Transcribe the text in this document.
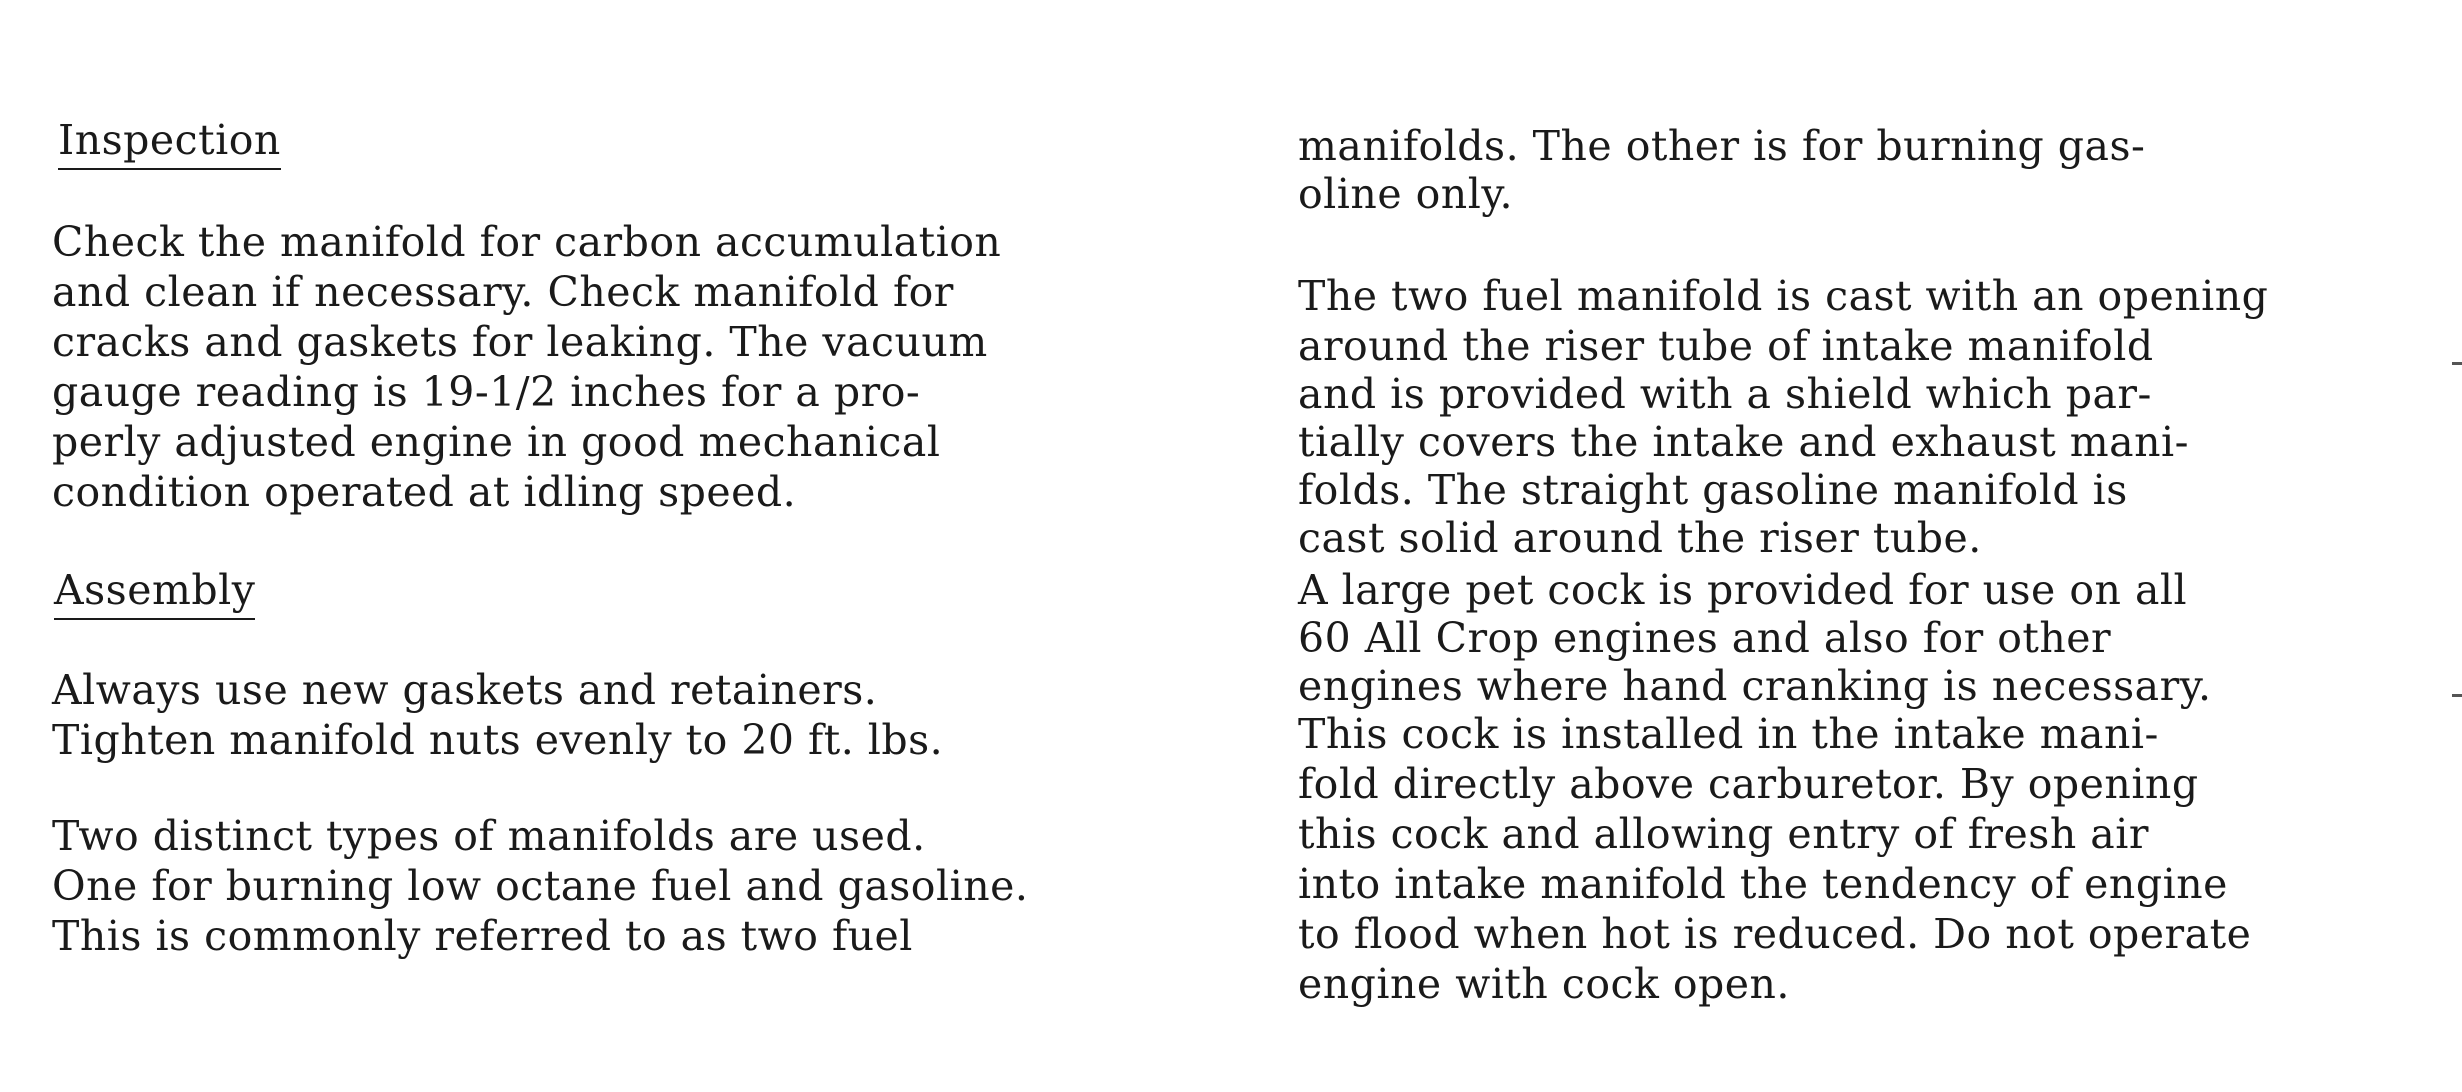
Inspection
Check the manifold for carbon accumulation
and clean if necessary. Check manifold for
cracks and gaskets for leaking. The vacuum
gauge reading is 19-1/2 inches for a pro-
perly adjusted engine in good mechanical
condition operated at idling speed.
Assembly
Always use new gaskets and retainers.
Tighten manifold nuts evenly to 20 ft. lbs.
Two distinct types of manifolds are used.
One for burning low octane fuel and gasoline.
This is commonly referred to as two fuel
manifolds. The other is for burning gas-
oline only.
The two fuel manifold is cast with an opening
around the riser tube of intake manifold
and is provided with a shield which par-
tially covers the intake and exhaust mani-
folds. The straight gasoline manifold is
cast solid around the riser tube.
A large pet cock is provided for use on all
60 All Crop engines and also for other
engines where hand cranking is necessary.
This cock is installed in the intake mani-
fold directly above carburetor. By opening
this cock and allowing entry of fresh air
into intake manifold the tendency of engine
to flood when hot is reduced. Do not operate
engine with cock open.
